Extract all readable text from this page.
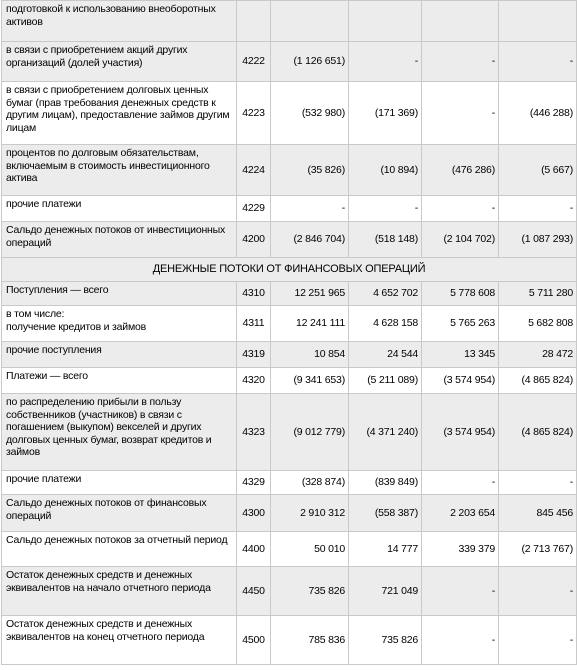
подготовкой к использованию внеоборотных активов					
в связи с приобретением акций других организаций (долей участия)	4222	(1 126 651)	-	-	-
в связи с приобретением долговых ценных бумаг (прав требования денежных средств к другим лицам), предоставление займов другим лицам	4223	(532 980)	(171 369)	-	(446 288)
процентов по долговым обязательствам, включаемым в стоимость инвестиционного актива	4224	(35 826)	(10 894)	(476 286)	(5 667)
прочие платежи	4229	-	-	-	-
Сальдо денежных потоков от инвестиционных операций	4200	(2 846 704)	(518 148)	(2 104 702)	(1 087 293)
ДЕНЕЖНЫЕ ПОТОКИ ОТ ФИНАНСОВЫХ ОПЕРАЦИЙ					
Поступления — всего	4310	12 251 965	4 652 702	5 778 608	5 711 280
в том числе:
получение кредитов и займов	4311	12 241 111	4 628 158	5 765 263	5 682 808
прочие поступления	4319	10 854	24 544	13 345	28 472
Платежи — всего	4320	(9 341 653)	(5 211 089)	(3 574 954)	(4 865 824)
по распределению прибыли в пользу собственников (участников) в связи с погашением (выкупом) векселей и других долговых ценных бумаг, возврат кредитов и займов	4323	(9 012 779)	(4 371 240)	(3 574 954)	(4 865 824)
прочие платежи	4329	(328 874)	(839 849)	-	-
Сальдо денежных потоков от финансовых операций	4300	2 910 312	(558 387)	2 203 654	845 456
Сальдо денежных потоков за отчетный период	4400	50 010	14 777	339 379	(2 713 767)
Остаток денежных средств и денежных эквивалентов на начало отчетного периода	4450	735 826	721 049	-	-
Остаток денежных средств и денежных эквивалентов на конец отчетного периода	4500	785 836	735 826	-	-
